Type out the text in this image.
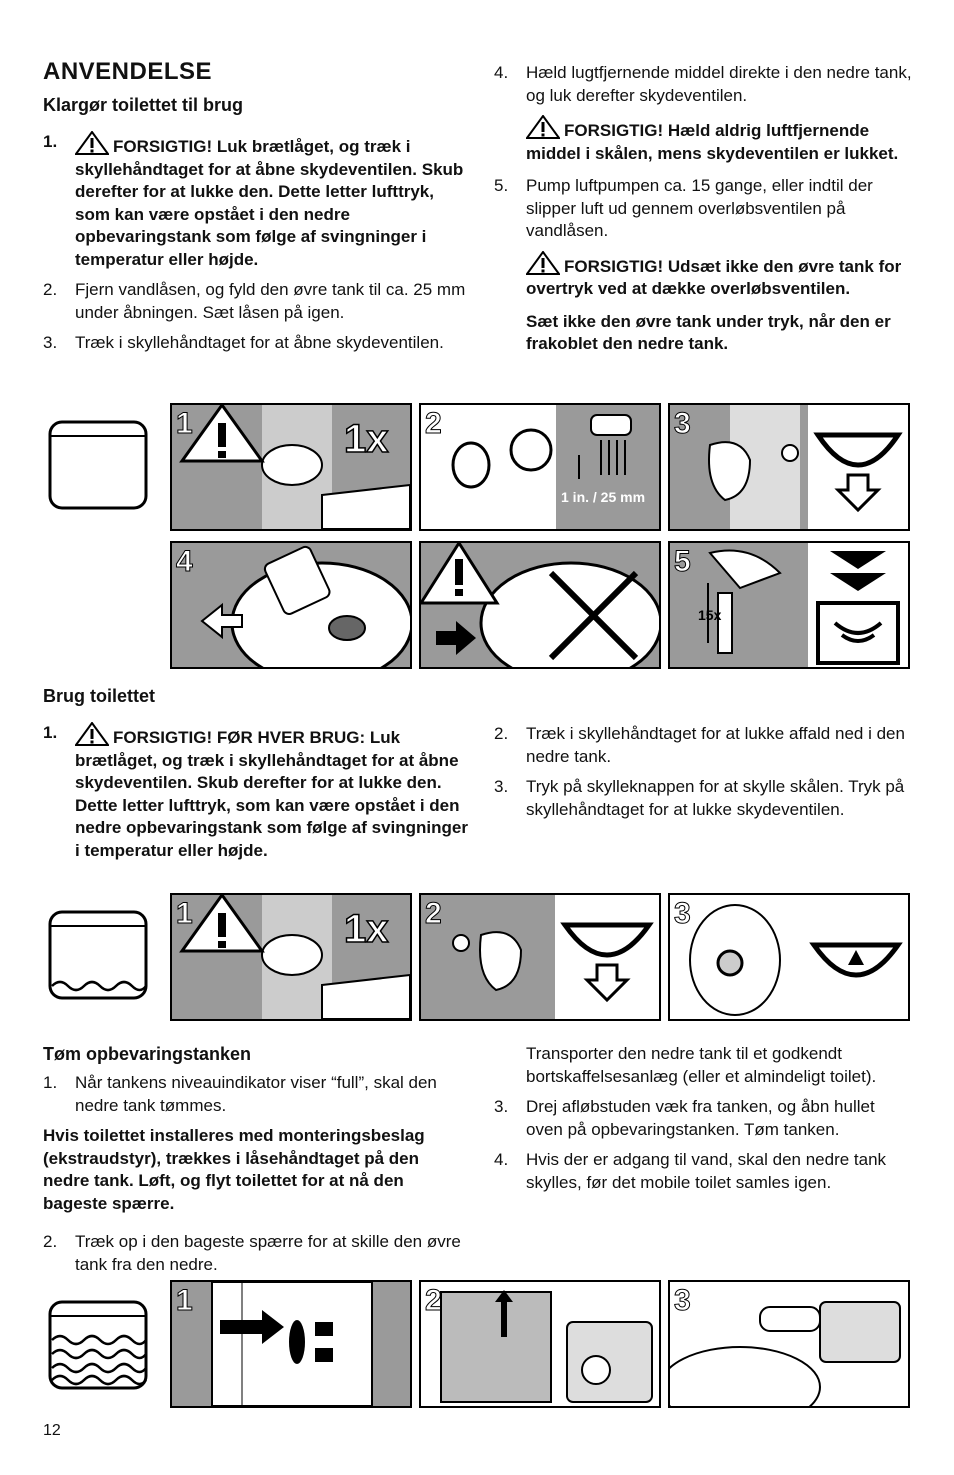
ANVENDELSE
Klargør toilettet til brug
1.	FORSIGTIG! Luk brætlåget, og træk i skyllehåndtaget for at åbne skydeventilen. Skub derefter for at lukke den. Dette letter lufttryk, som kan være opstået i den nedre opbevaringstank som følge af svingninger i temperatur eller højde.
2. Fjern vandlåsen, og fyld den øvre tank til ca. 25 mm under åbningen. Sæt låsen på igen.
3. Træk i skyllehåndtaget for at åbne skydeventilen.
4. Hæld lugtfjernende middel direkte i den nedre tank, og luk derefter skydeventilen.
FORSIGTIG! Hæld aldrig luftfjernende middel i skålen, mens skydeventilen er lukket.
5. Pump luftpumpen ca. 15 gange, eller indtil der slipper luft ud gennem overløbsventilen på vandlåsen.
FORSIGTIG! Udsæt ikke den øvre tank for overtryk ved at dække overløbsventilen.
Sæt ikke den øvre tank under tryk, når den er frakoblet den nedre tank.
1	1x 2
1 in. / 25 mm
3
4	5
15x
Brug toilettet
1.	FORSIGTIG! FØR HVER BRUG: Luk brætlåget, og træk i skyllehåndtaget for at åbne skydeventilen. Skub derefter for at lukke den. Dette letter lufttryk, som kan være opstået i den nedre opbevaringstank som følge af svingninger i temperatur eller højde.
2. Træk i skyllehåndtaget for at lukke affald ned i den nedre tank.
3. Tryk på skylleknappen for at skylle skålen. Tryk på skyllehåndtaget for at lukke skydeventilen.
1	1x 2	3
Tøm opbevaringstanken
1. Når tankens niveauindikator viser “full”, skal den nedre tank tømmes.
Hvis toilettet installeres med monteringsbeslag (ekstraudstyr), trækkes i låsehåndtaget på den nedre tank. Løft, og flyt toilettet for at nå den bageste spærre.
2. Træk op i den bageste spærre for at skille den øvre tank fra den nedre.
Transporter den nedre tank til et godkendt bortskaffelsesanlæg (eller et almindeligt toilet).
3. Drej afløbstuden væk fra tanken, og åbn hullet oven på opbevaringstanken. Tøm tanken.
4. Hvis der er adgang til vand, skal den nedre tank skylles, før det mobile toilet samles igen.
1	2	3
12
